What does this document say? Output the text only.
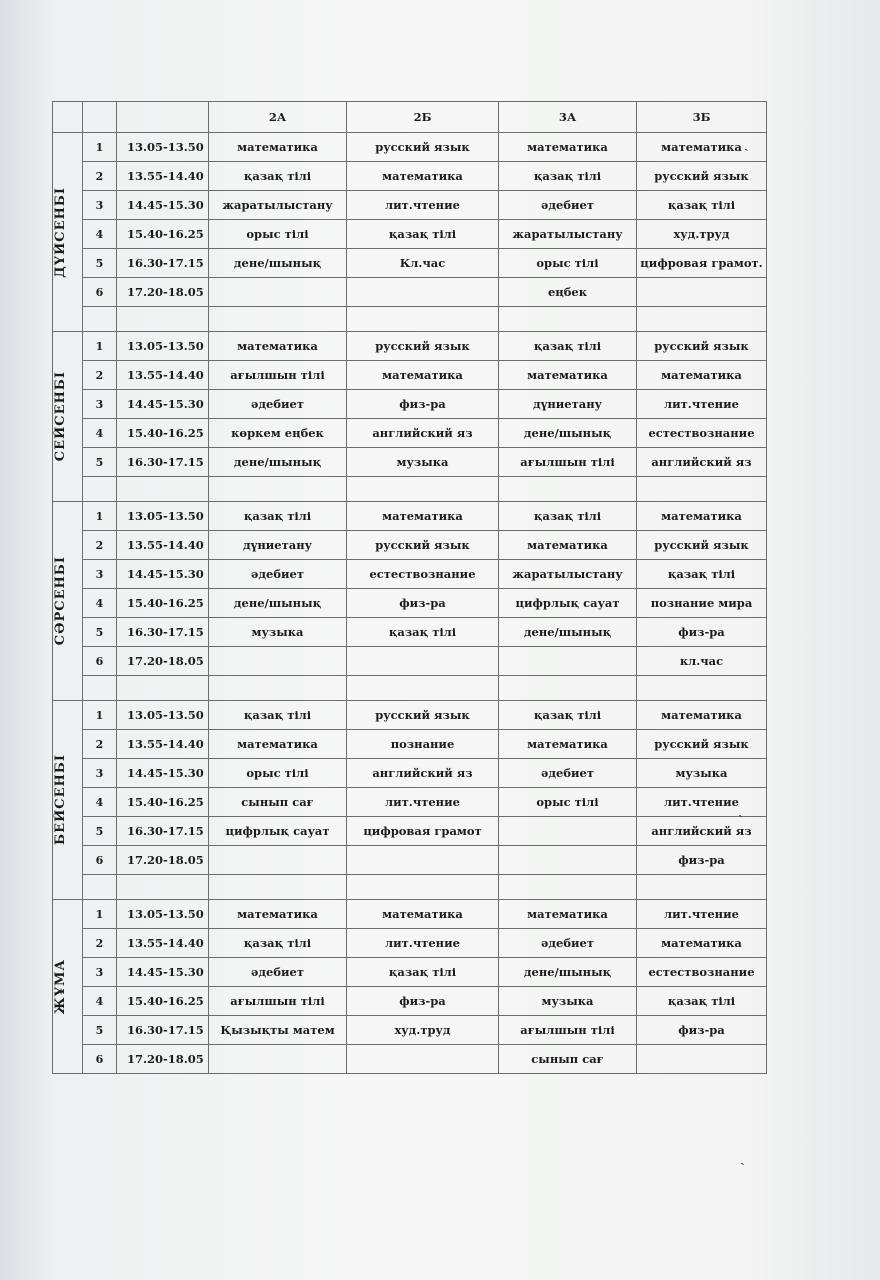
			2А	2Б	3А	3Б

ДҮЙСЕНБІ	1	13.05-13.50	математика	русский язык	математика	математика
	2	13.55-14.40	қазақ тілі	математика	қазақ тілі	русский язык
	3	14.45-15.30	жаратылыстану	лит.чтение	әдебиет	қазақ тілі
	4	15.40-16.25	орыс тілі	қазақ тілі	жаратылыстану	худ.труд
	5	16.30-17.15	дене/шынық	Кл.час	орыс тілі	цифровая грамот.
	6	17.20-18.05			еңбек	

СЕЙСЕНБІ	1	13.05-13.50	математика	русский язык	қазақ тілі	русский язык
	2	13.55-14.40	ағылшын тілі	математика	математика	математика
	3	14.45-15.30	әдебиет	физ-ра	дүниетану	лит.чтение
	4	15.40-16.25	көркем еңбек	английский яз	дене/шынық	естествознание
	5	16.30-17.15	дене/шынық	музыка	ағылшын тілі	английский яз

СӘРСЕНБІ	1	13.05-13.50	қазақ тілі	математика	қазақ тілі	математика
	2	13.55-14.40	дүниетану	русский язык	математика	русский язык
	3	14.45-15.30	әдебиет	естествознание	жаратылыстану	қазақ тілі
	4	15.40-16.25	дене/шынық	физ-ра	цифрлық сауат	познание мира
	5	16.30-17.15	музыка	қазақ тілі	дене/шынық	физ-ра
	6	17.20-18.05				кл.час

БЕЙСЕНБІ	1	13.05-13.50	қазақ тілі	русский язык	қазақ тілі	математика
	2	13.55-14.40	математика	познание	математика	русский язык
	3	14.45-15.30	орыс тілі	английский яз	әдебиет	музыка
	4	15.40-16.25	сынып сағ	лит.чтение	орыс тілі	лит.чтение
	5	16.30-17.15	цифрлық сауат	цифровая грамот		английский яз
	6	17.20-18.05				физ-ра

ЖҰМА	1	13.05-13.50	математика	математика	математика	лит.чтение
	2	13.55-14.40	қазақ тілі	лит.чтение	әдебиет	математика
	3	14.45-15.30	әдебиет	қазақ тілі	дене/шынық	естествознание
	4	15.40-16.25	ағылшын тілі	физ-ра	музыка	қазақ тілі
	5	16.30-17.15	Қызықты матем	худ.труд	ағылшын тілі	физ-ра
	6	17.20-18.05			сынып сағ	
ˏ
ˏ
ˏ
